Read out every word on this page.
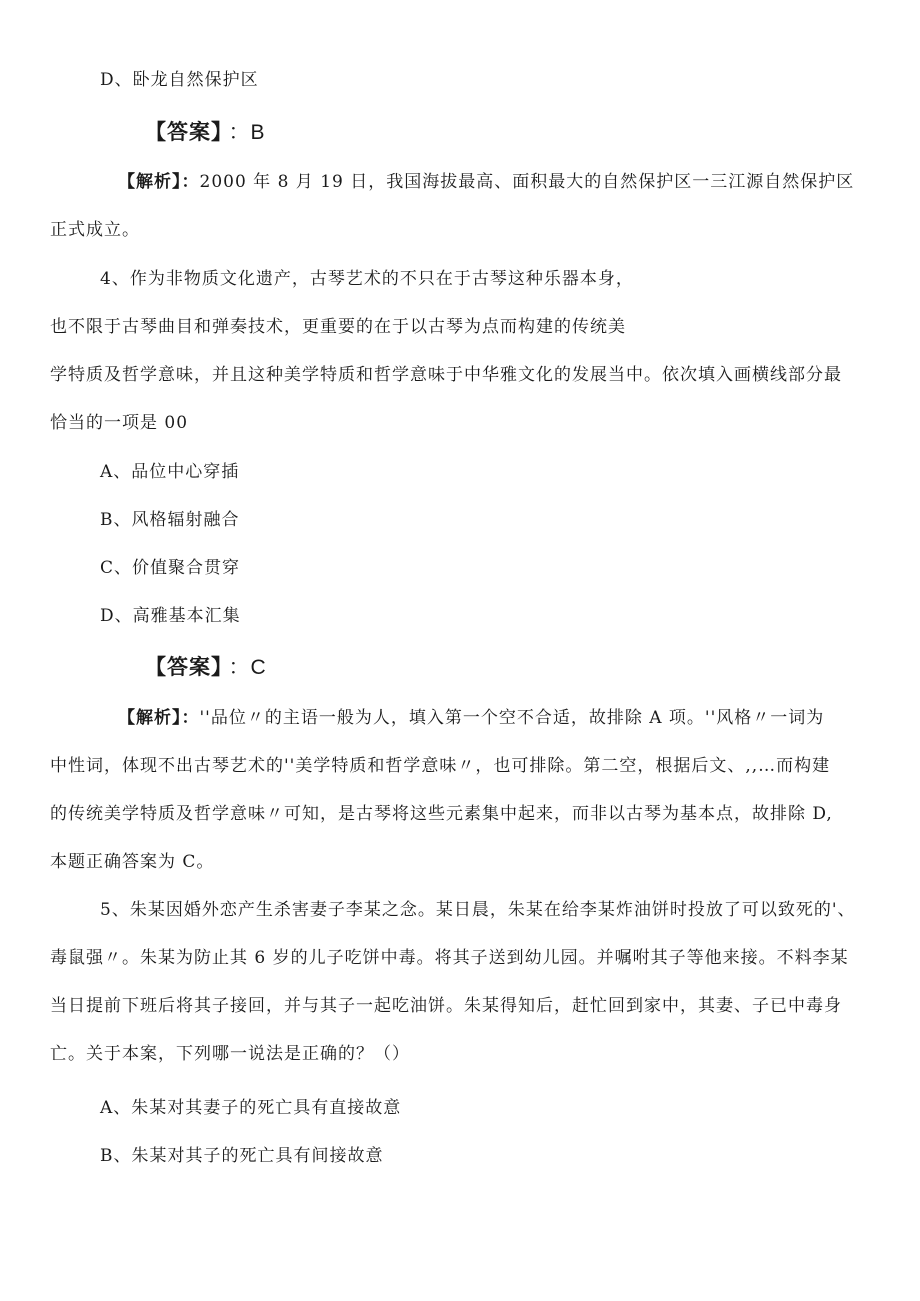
D、卧龙自然保护区
【答案】 ：B
【解析】：2000 年 8 月 19 日，我国海拔最高、面积最大的自然保护区一三江源自然保护区
正式成立。
4、作为非物质文化遗产，古琴艺术的不只在于古琴这种乐器本身，
也不限于古琴曲目和弹奏技术，更重要的在于以古琴为点而构建的传统美
学特质及哲学意味，并且这种美学特质和哲学意味于中华雅文化的发展当中。依次填入画横线部分最
恰当的一项是 00
A、品位中心穿插
B、风格辐射融合
C、价值聚合贯穿
D、高雅基本汇集
【答案】 ：C
【解析】：''品位〃的主语一般为人，填入第一个空不合适，故排除 A 项。''风格〃一词为
中性词，体现不出古琴艺术的''美学特质和哲学意味〃，也可排除。第二空，根据后文、,,…而构建
的传统美学特质及哲学意味〃可知，是古琴将这些元素集中起来，而非以古琴为基本点，故排除 D,
本题正确答案为 C。
5、朱某因婚外恋产生杀害妻子李某之念。某日晨，朱某在给李某炸油饼时投放了可以致死的'、
毒鼠强〃。朱某为防止其 6 岁的儿子吃饼中毒。将其子送到幼儿园。并嘱咐其子等他来接。不料李某
当日提前下班后将其子接回，并与其子一起吃油饼。朱某得知后，赶忙回到家中，其妻、子已中毒身
亡。关于本案，下列哪一说法是正确的？（）
A、朱某对其妻子的死亡具有直接故意
B、朱某对其子的死亡具有间接故意
